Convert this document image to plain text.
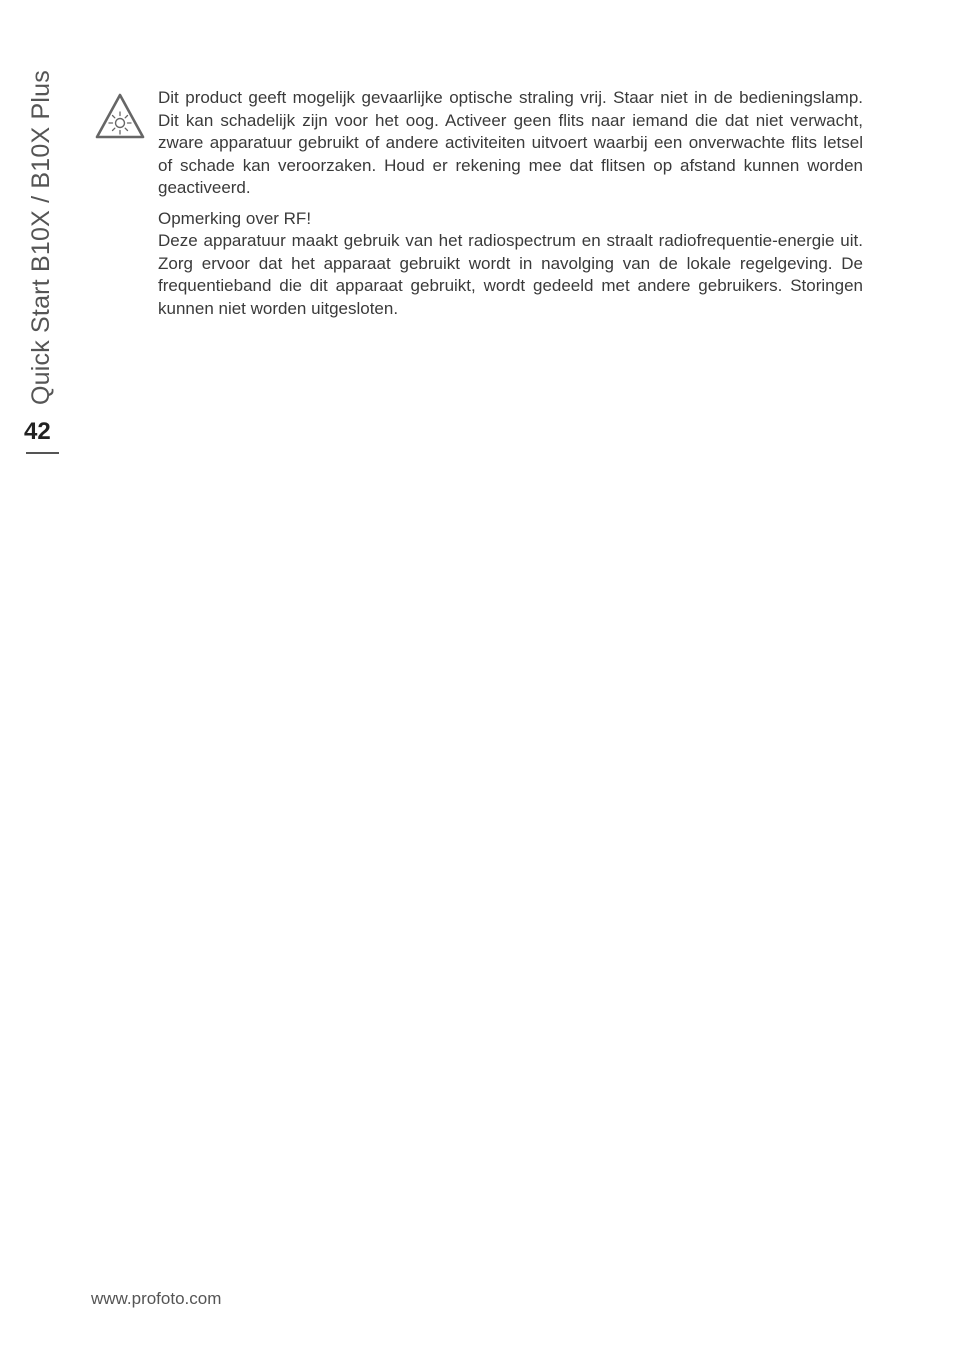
Quick Start B10X / B10X Plus
42

Dit product geeft mogelijk gevaarlijke optische straling vrij. Staar niet in de bedieningslamp. Dit kan schadelijk zijn voor het oog. Activeer geen flits naar iemand die dat niet verwacht, zware apparatuur gebruikt of andere activiteiten uitvoert waarbij een onverwachte flits letsel of schade kan veroorzaken. Houd er rekening mee dat flitsen op afstand kunnen worden geactiveerd.

Opmerking over RF!

Deze apparatuur maakt gebruik van het radiospectrum en straalt radiofrequentie-energie uit. Zorg ervoor dat het apparaat gebruikt wordt in navolging van de lokale regelgeving. De frequentieband die dit apparaat gebruikt, wordt gedeeld met andere gebruikers. Storingen kunnen niet worden uitgesloten.

www.profoto.com
